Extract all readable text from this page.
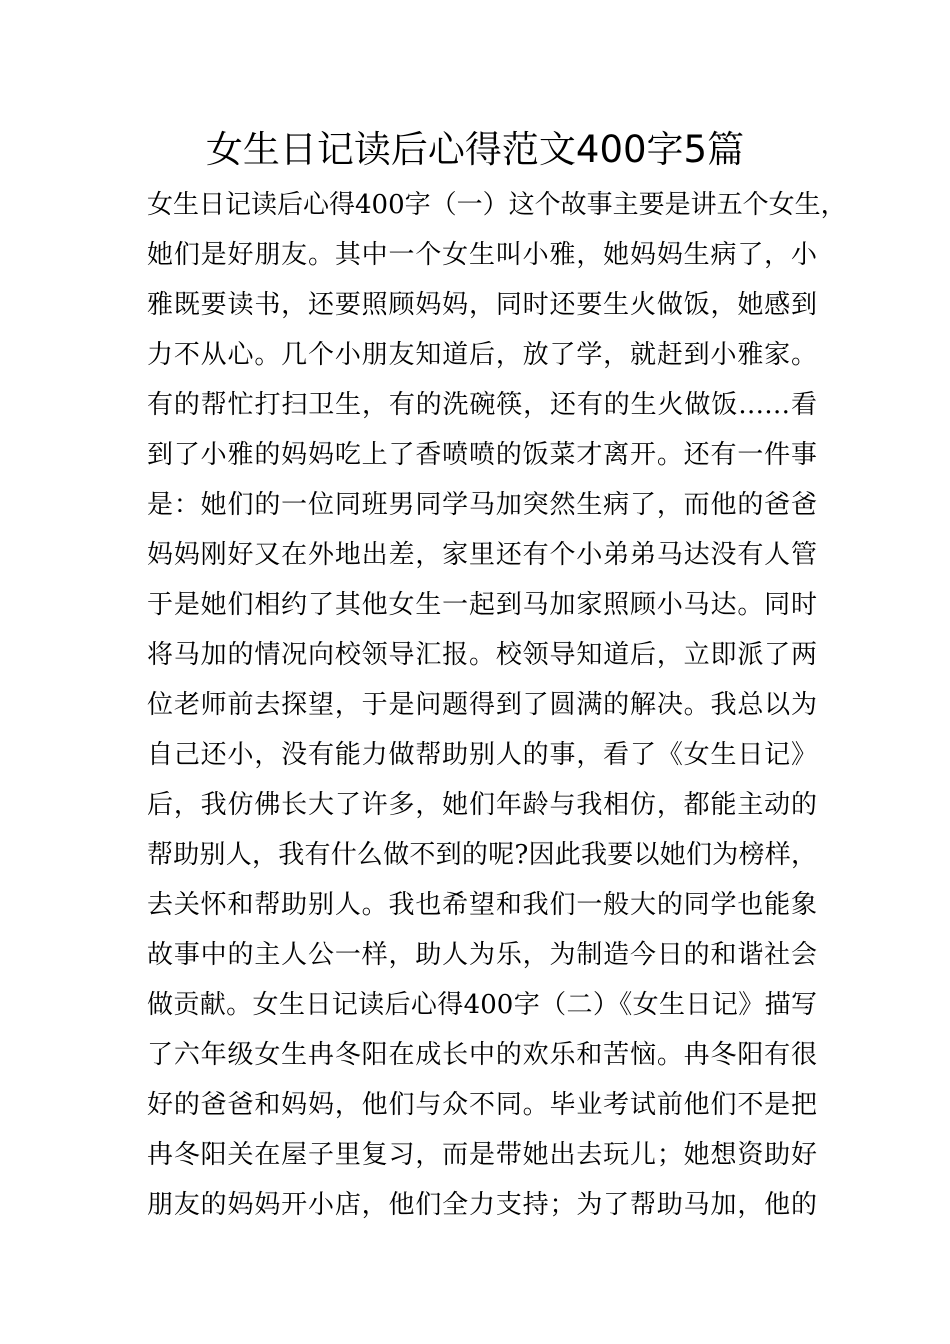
女生日记读后心得范文400字5篇
女生日记读后心得400字（一）这个故事主要是讲五个女生，
她们是好朋友。其中一个女生叫小雅，她妈妈生病了，小
雅既要读书，还要照顾妈妈，同时还要生火做饭，她感到
力不从心。几个小朋友知道后，放了学，就赶到小雅家。
有的帮忙打扫卫生，有的洗碗筷，还有的生火做饭……看
到了小雅的妈妈吃上了香喷喷的饭菜才离开。还有一件事
是：她们的一位同班男同学马加突然生病了，而他的爸爸
妈妈刚好又在外地出差，家里还有个小弟弟马达没有人管
于是她们相约了其他女生一起到马加家照顾小马达。同时
将马加的情况向校领导汇报。校领导知道后，立即派了两
位老师前去探望，于是问题得到了圆满的解决。我总以为
自己还小，没有能力做帮助别人的事，看了《女生日记》
后，我仿佛长大了许多，她们年龄与我相仿，都能主动的
帮助别人，我有什么做不到的呢?因此我要以她们为榜样，
去关怀和帮助别人。我也希望和我们一般大的同学也能象
故事中的主人公一样，助人为乐，为制造今日的和谐社会
做贡献。女生日记读后心得400字（二）《女生日记》描写
了六年级女生冉冬阳在成长中的欢乐和苦恼。冉冬阳有很
好的爸爸和妈妈，他们与众不同。毕业考试前他们不是把
冉冬阳关在屋子里复习，而是带她出去玩儿；她想资助好
朋友的妈妈开小店，他们全力支持；为了帮助马加，他的
